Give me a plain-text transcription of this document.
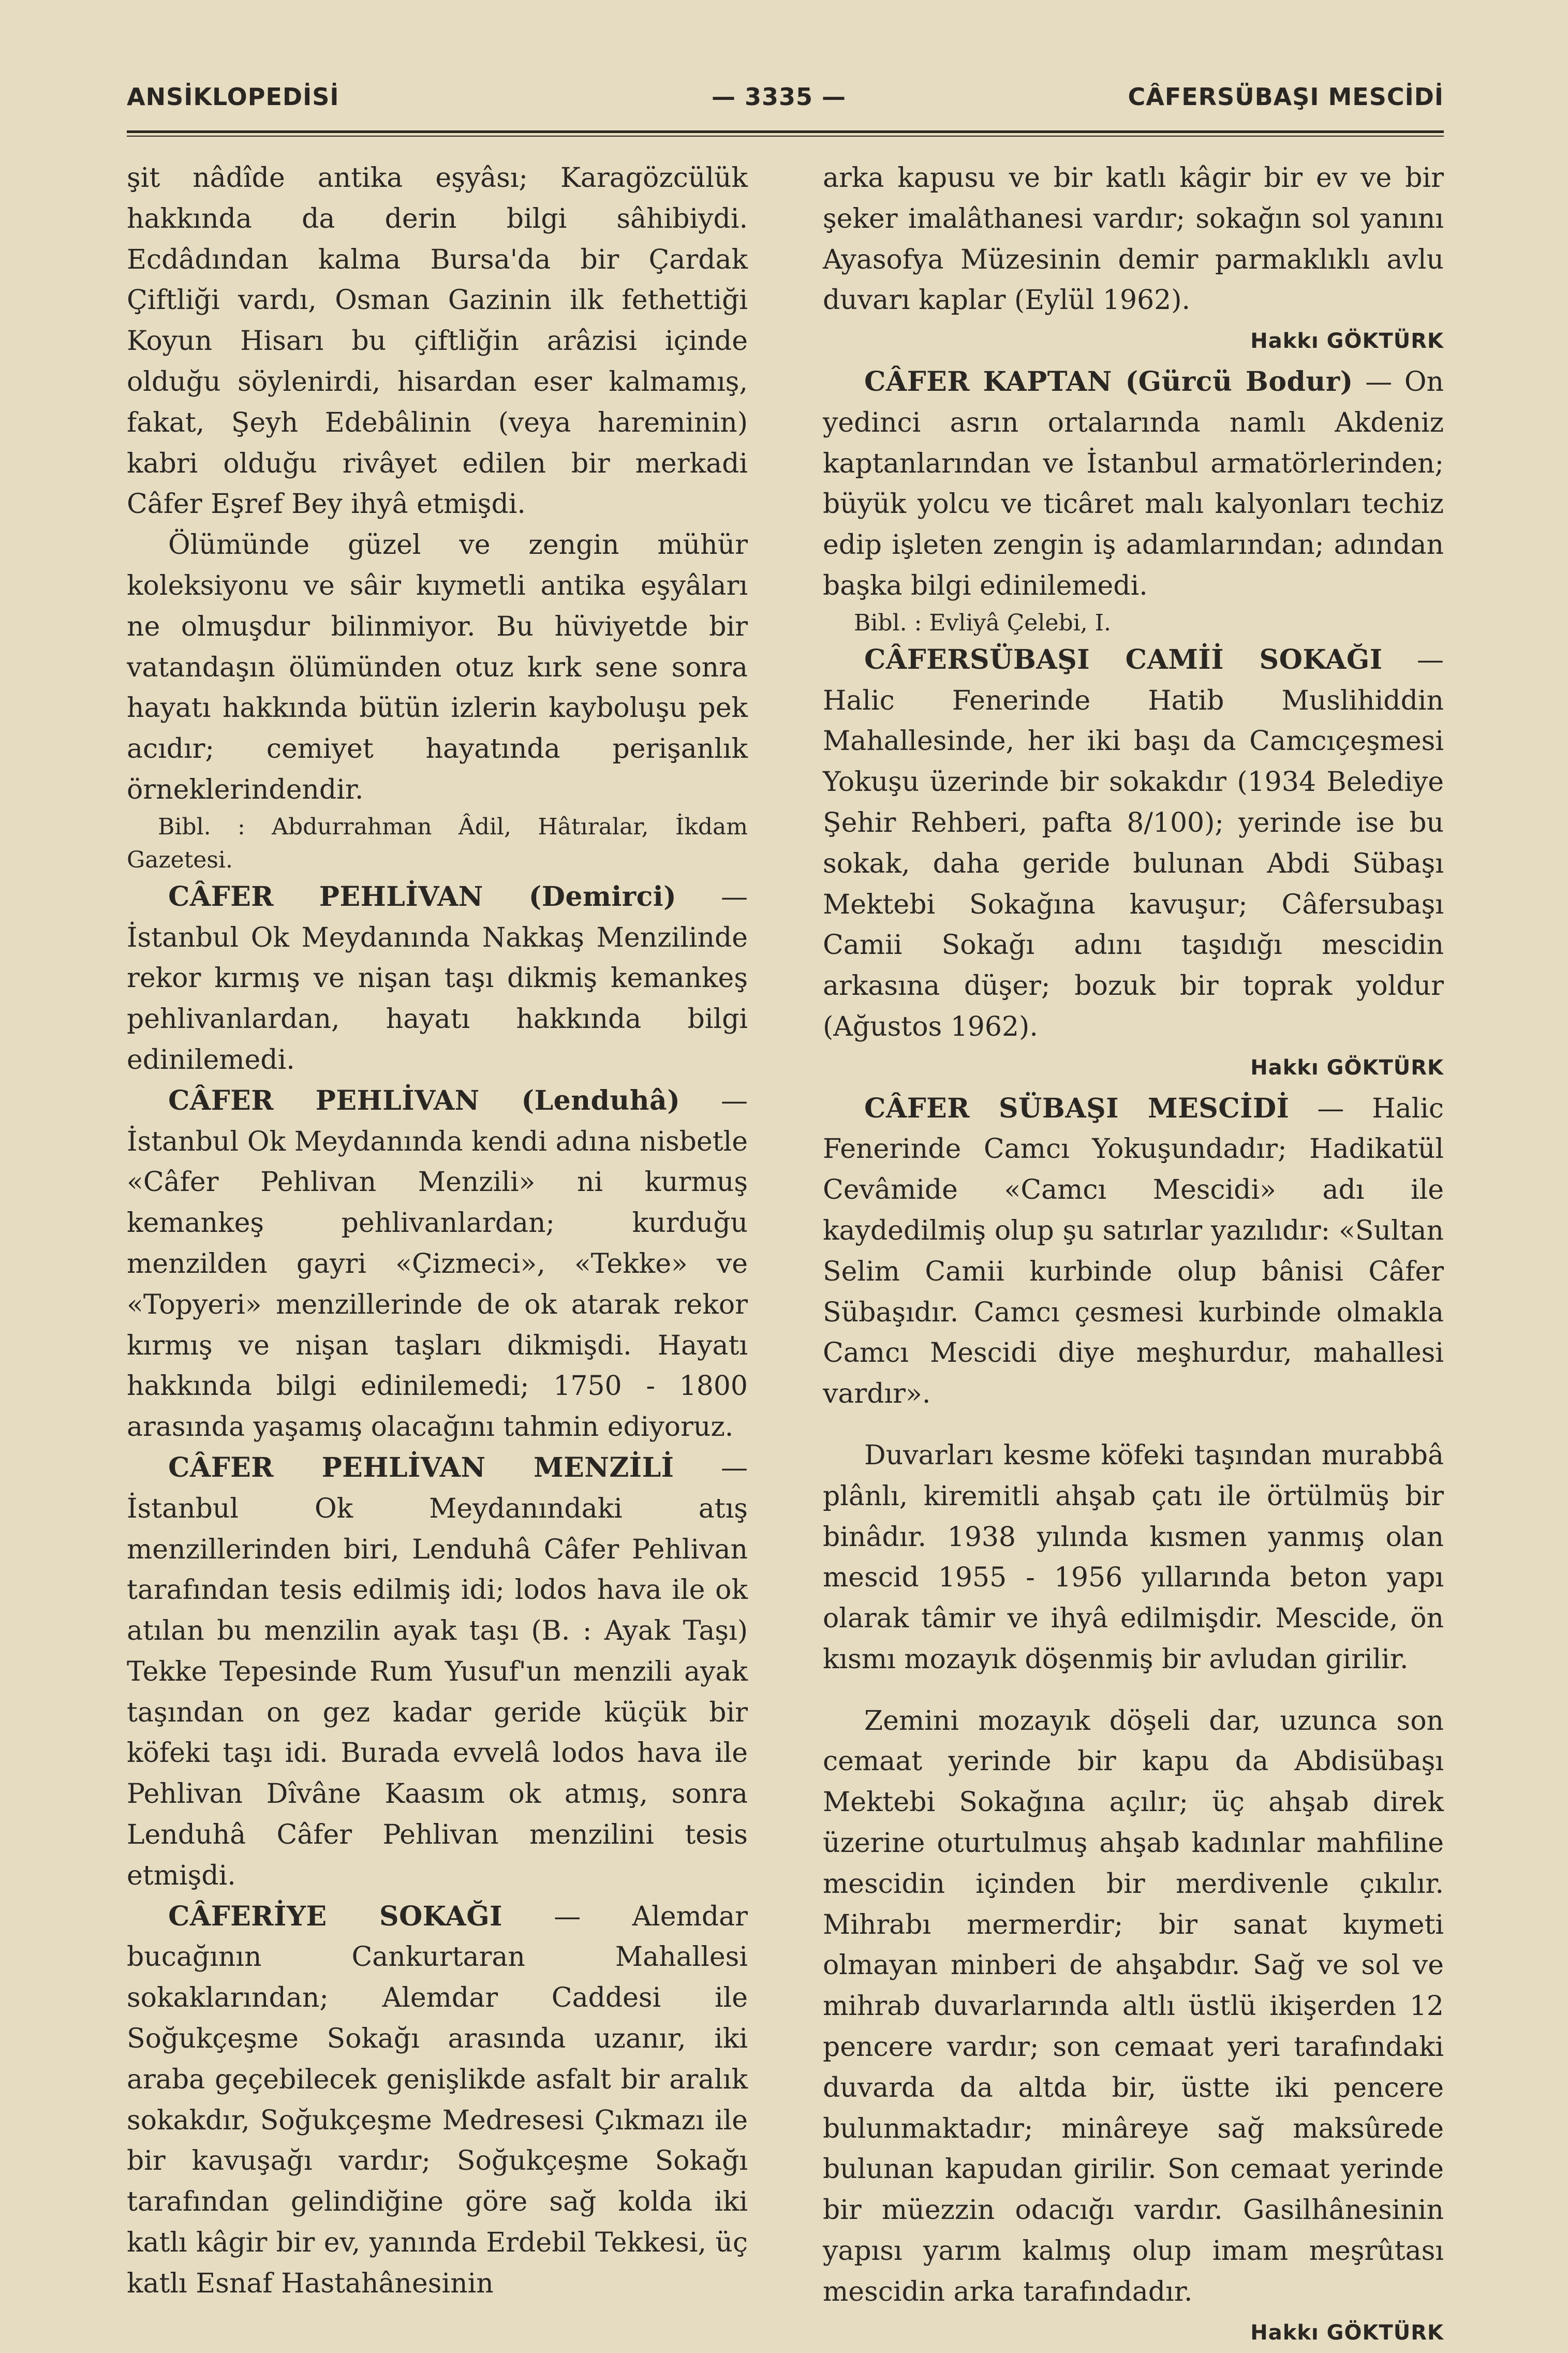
ANSİKLOPEDİSİ	— 3335 —	CÂFERSÜBAŞI MESCİDİ

şit nâdîde antika eşyâsı; Karagözcülük hakkında da derin bilgi sâhibiydi. Ecdâdından kalma Bursa'da bir Çardak Çiftliği vardı, Osman Gazinin ilk fethettiği Koyun Hisarı bu çiftliğin arâzisi içinde olduğu söylenirdi, hisardan eser kalmamış, fakat, Şeyh Edebâlinin (veya hareminin) kabri olduğu rivâyet edilen bir merkadi Câfer Eşref Bey ihyâ etmişdi.

Ölümünde güzel ve zengin mühür koleksiyonu ve sâir kıymetli antika eşyâları ne olmuşdur bilinmiyor. Bu hüviyetde bir vatandaşın ölümünden otuz kırk sene sonra hayatı hakkında bütün izlerin kayboluşu pek acıdır; cemiyet hayatında perişanlık örneklerindendir.

Bibl. : Abdurrahman Âdil, Hâtıralar, İkdam Gazetesi.

CÂFER PEHLİVAN (Demirci) — İstanbul Ok Meydanında Nakkaş Menzilinde rekor kırmış ve nişan taşı dikmiş kemankeş pehlivanlardan, hayatı hakkında bilgi edinilemedi.

CÂFER PEHLİVAN (Lenduhâ) — İstanbul Ok Meydanında kendi adına nisbetle «Câfer Pehlivan Menzili» ni kurmuş kemankeş pehlivanlardan; kurduğu menzilden gayri «Çizmeci», «Tekke» ve «Topyeri» menzillerinde de ok atarak rekor kırmış ve nişan taşları dikmişdi. Hayatı hakkında bilgi edinilemedi; 1750 - 1800 arasında yaşamış olacağını tahmin ediyoruz.

CÂFER PEHLİVAN MENZİLİ — İstanbul Ok Meydanındaki atış menzillerinden biri, Lenduhâ Câfer Pehlivan tarafından tesis edilmiş idi; lodos hava ile ok atılan bu menzilin ayak taşı (B. : Ayak Taşı) Tekke Tepesinde Rum Yusuf'un menzili ayak taşından on gez kadar geride küçük bir köfeki taşı idi. Burada evvelâ lodos hava ile Pehlivan Dîvâne Kaasım ok atmış, sonra Lenduhâ Câfer Pehlivan menzilini tesis etmişdi.

CÂFERİYE SOKAĞI — Alemdar bucağının Cankurtaran Mahallesi sokaklarından; Alemdar Caddesi ile Soğukçeşme Sokağı arasında uzanır, iki araba geçebilecek genişlikde asfalt bir aralık sokakdır, Soğukçeşme Medresesi Çıkmazı ile bir kavuşağı vardır; Soğukçeşme Sokağı tarafından gelindiğine göre sağ kolda iki katlı kâgir bir ev, yanında Erdebil Tekkesi, üç katlı Esnaf Hastahânesinin

arka kapusu ve bir katlı kâgir bir ev ve bir şeker imalâthanesi vardır; sokağın sol yanını Ayasofya Müzesinin demir parmaklıklı avlu duvarı kaplar (Eylül 1962).

Hakkı GÖKTÜRK

CÂFER KAPTAN (Gürcü Bodur) — On yedinci asrın ortalarında namlı Akdeniz kaptanlarından ve İstanbul armatörlerinden; büyük yolcu ve ticâret malı kalyonları techiz edip işleten zengin iş adamlarından; adından başka bilgi edinilemedi.

Bibl. : Evliyâ Çelebi, I.

CÂFERSÜBAŞI CAMİİ SOKAĞI — Halic Fenerinde Hatib Muslihiddin Mahallesinde, her iki başı da Camcıçeşmesi Yokuşu üzerinde bir sokakdır (1934 Belediye Şehir Rehberi, pafta 8/100); yerinde ise bu sokak, daha geride bulunan Abdi Sübaşı Mektebi Sokağına kavuşur; Câfersubaşı Camii Sokağı adını taşıdığı mescidin arkasına düşer; bozuk bir toprak yoldur (Ağustos 1962).

Hakkı GÖKTÜRK

CÂFER SÜBAŞI MESCİDİ — Halic Fenerinde Camcı Yokuşundadır; Hadikatül Cevâmide «Camcı Mescidi» adı ile kaydedilmiş olup şu satırlar yazılıdır: «Sultan Selim Camii kurbinde olup bânisi Câfer Sübaşıdır. Camcı çesmesi kurbinde olmakla Camcı Mescidi diye meşhurdur, mahallesi vardır».

Duvarları kesme köfeki taşından murabbâ plânlı, kiremitli ahşab çatı ile örtülmüş bir binâdır. 1938 yılında kısmen yanmış olan mescid 1955 - 1956 yıllarında beton yapı olarak tâmir ve ihyâ edilmişdir. Mescide, ön kısmı mozayık döşenmiş bir avludan girilir.

Zemini mozayık döşeli dar, uzunca son cemaat yerinde bir kapu da Abdisübaşı Mektebi Sokağına açılır; üç ahşab direk üzerine oturtulmuş ahşab kadınlar mahfiline mescidin içinden bir merdivenle çıkılır. Mihrabı mermerdir; bir sanat kıymeti olmayan minberi de ahşabdır. Sağ ve sol ve mihrab duvarlarında altlı üstlü ikişerden 12 pencere vardır; son cemaat yeri tarafındaki duvarda da altda bir, üstte iki pencere bulunmaktadır; minâreye sağ maksûrede bulunan kapudan girilir. Son cemaat yerinde bir müezzin odacığı vardır. Gasilhânesinin yapısı yarım kalmış olup imam meşrûtası mescidin arka tarafındadır.

Hakkı GÖKTÜRK
